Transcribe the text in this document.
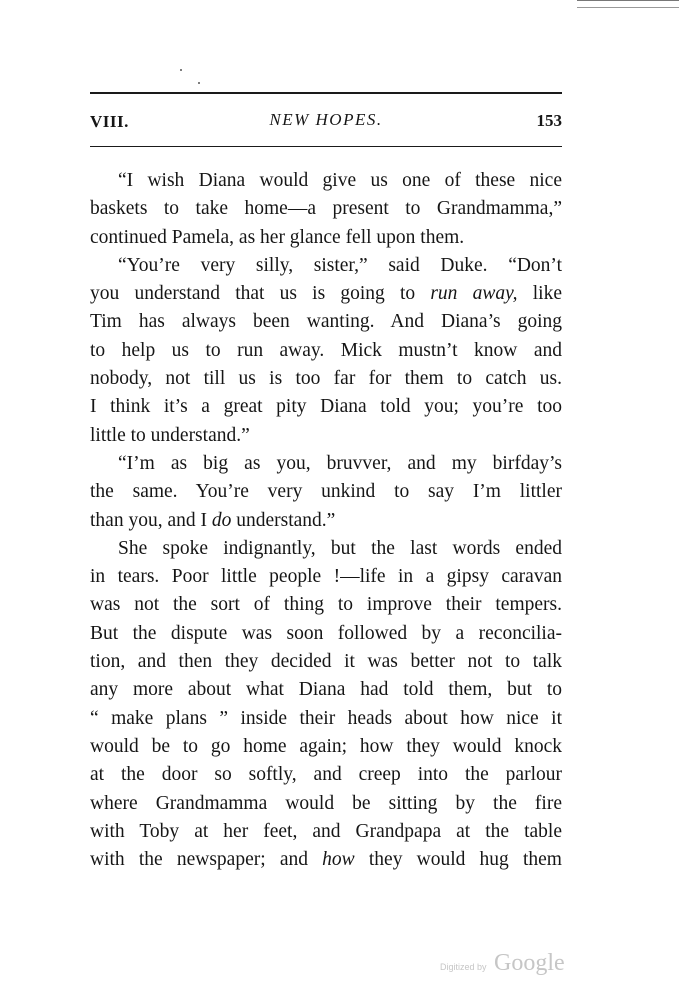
VIII.	NEW HOPES.	153
“I wish Diana would give us one of these nice
baskets to take home—a present to Grandmamma,”
continued Pamela, as her glance fell upon them.
“You’re very silly, sister,” said Duke. “Don’t
you understand that us is going to run away, like
Tim has always been wanting. And Diana’s going
to help us to run away. Mick mustn’t know and
nobody, not till us is too far for them to catch us.
I think it’s a great pity Diana told you; you’re too
little to understand.”
“I’m as big as you, bruvver, and my birfday’s
the same. You’re very unkind to say I’m littler
than you, and I do understand.”
She spoke indignantly, but the last words ended
in tears. Poor little people !—life in a gipsy caravan
was not the sort of thing to improve their tempers.
But the dispute was soon followed by a reconcilia-
tion, and then they decided it was better not to talk
any more about what Diana had told them, but to
“ make plans ” inside their heads about how nice it
would be to go home again; how they would knock
at the door so softly, and creep into the parlour
where Grandmamma would be sitting by the fire
with Toby at her feet, and Grandpapa at the table
with the newspaper; and how they would hug them
Digitized by Google
